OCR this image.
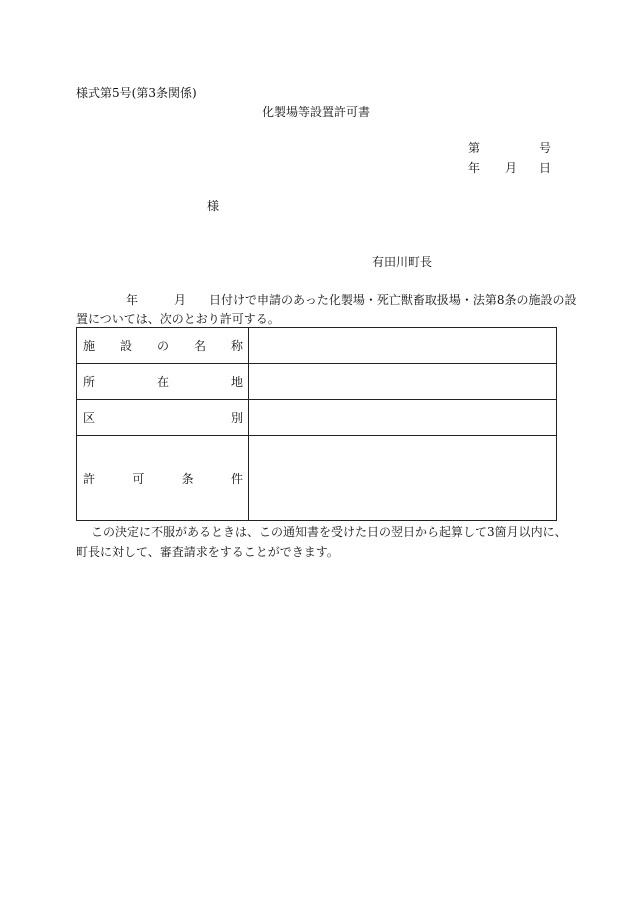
様式第5号(第3条関係)
化製場等設置許可書
第	号
年 月 日
様
有田川町長
年	月 日付けで申請のあった化製場・死亡獣畜取扱場・法第8条の施設の設
置については、次のとおり許可する。
施 設 の 名 称	

所 在 地	

区 別	

許 可 条 件	

この決定に不服があるときは、この通知書を受けた日の翌日から起算して3箇月以内に、
町長に対して、審査請求をすることができます。
